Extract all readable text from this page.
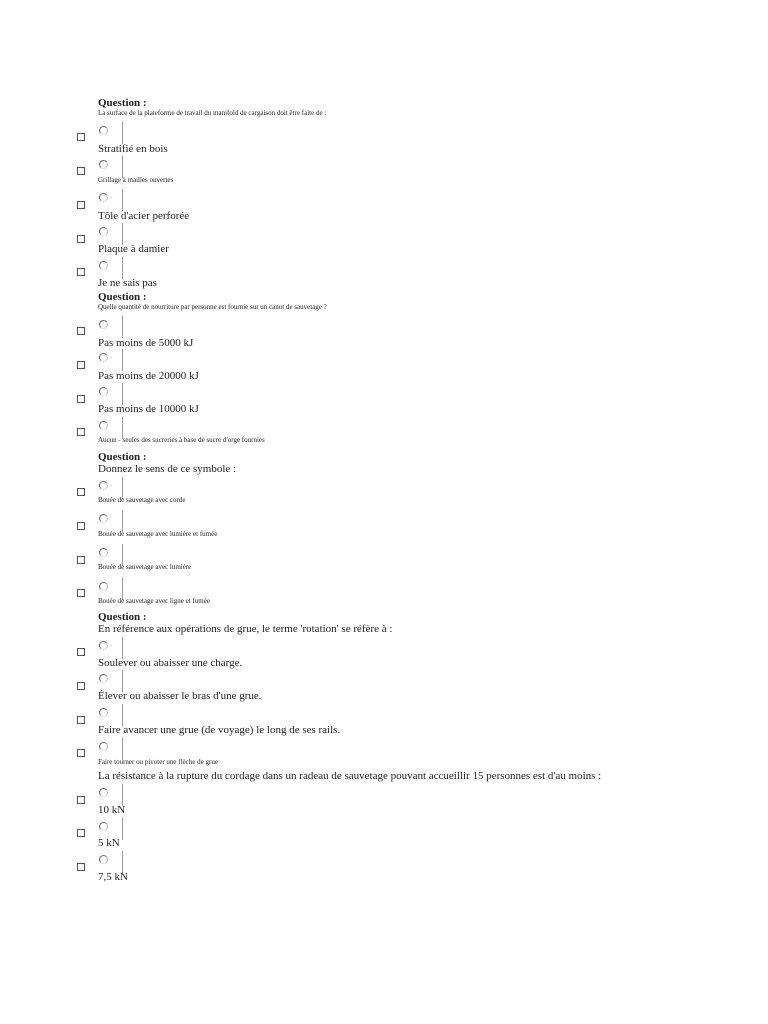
Question :
La surface de la plateforme de travail du manifold de cargaison doit être faite de :
Stratifié en bois
Grillage à mailles ouvertes
Tôle d'acier perforée
Plaque à damier
Je ne sais pas
Question :
Quelle quantité de nourriture par personne est fournie sur un canot de sauvetage ?
Pas moins de 5000 kJ
Pas moins de 20000 kJ
Pas moins de 10000 kJ
Aucun - seules des sucreries à base de sucre d'orge fournies
Question :
Donnez le sens de ce symbole :
Bouée de sauvetage avec corde
Bouée de sauvetage avec lumière et fumée
Bouée de sauvetage avec lumière
Bouée de sauvetage avec ligne et fumée
Question :
En référence aux opérations de grue, le terme 'rotation' se réfère à :
Soulever ou abaisser une charge.
Élever ou abaisser le bras d'une grue.
Faire avancer une grue (de voyage) le long de ses rails.
Faire tourner ou pivoter une flèche de grue
La résistance à la rupture du cordage dans un radeau de sauvetage pouvant accueillir 15 personnes est d'au moins :
10 kN
5 kN
7,5 kN
